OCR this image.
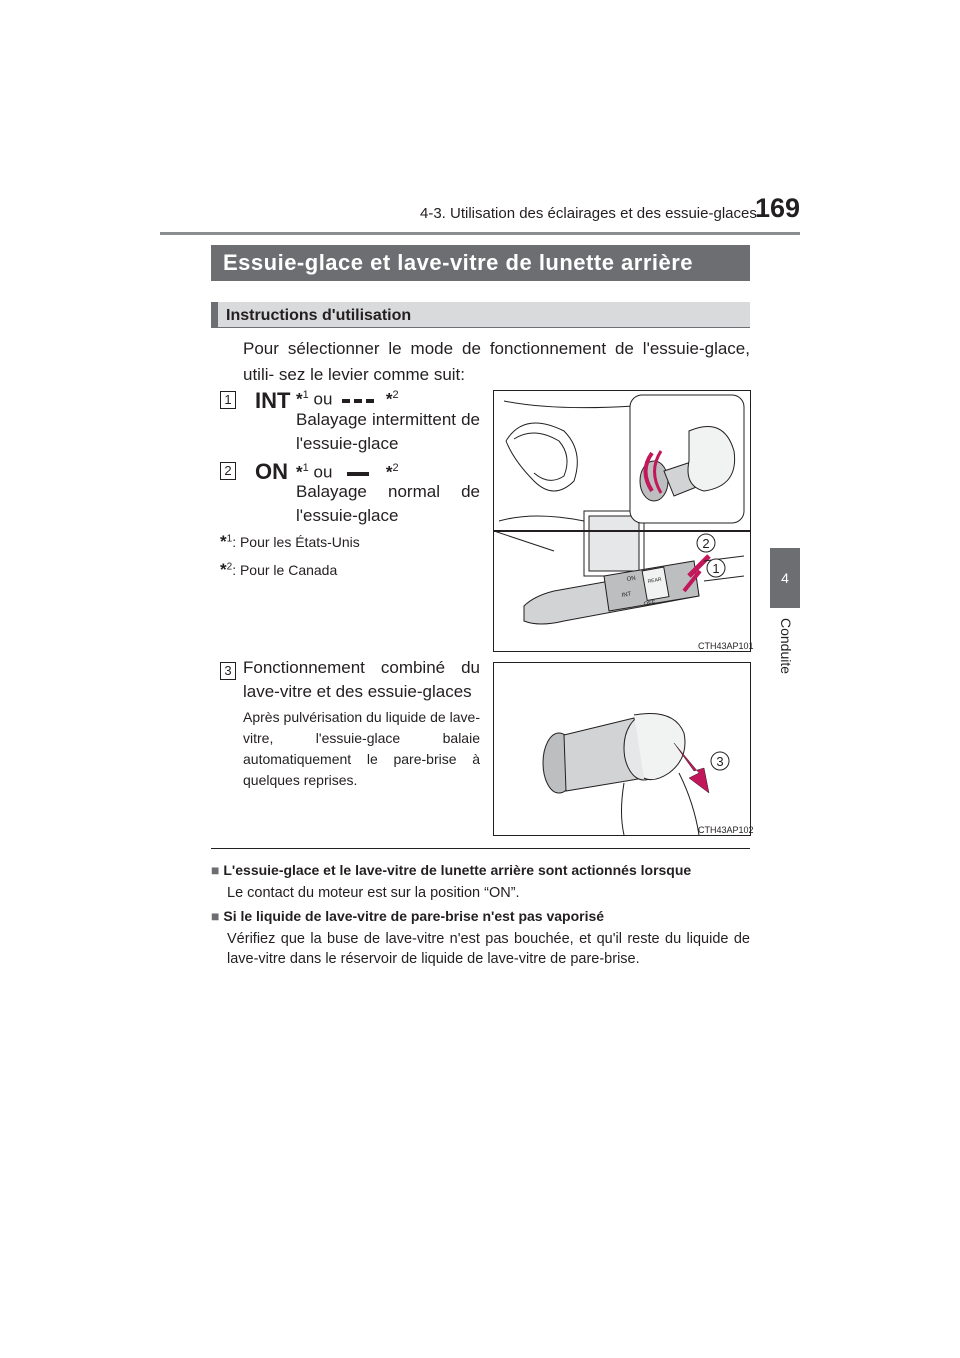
4-3. Utilisation des éclairages et des essuie-glaces
169
4
Conduite
Essuie-glace et lave-vitre de lunette arrière
Instructions d'utilisation
Pour sélectionner le mode de fonctionnement de l'essuie-glace, utili- sez le levier comme suit:
1 INT *$^1$ ou	*$^2$
Balayage intermittent de l'essuie-glace
2 ON *$^1$ ou	*$^2$
Balayage normal de l'essuie-glace
*$^1$: Pour les États-Unis
*$^2$: Pour le Canada
ON
INT
OFF
REAR
2
1
CTH43AP101
3 Fonctionnement combiné du lave-vitre et des essuie-glaces
Après pulvérisation du liquide de lave-vitre, l'essuie-glace balaie automatiquement le pare-brise à quelques reprises.
3
CTH43AP102
■ L'essuie-glace et le lave-vitre de lunette arrière sont actionnés lorsque
Le contact du moteur est sur la position “ON”.
■ Si le liquide de lave-vitre de pare-brise n'est pas vaporisé
Vérifiez que la buse de lave-vitre n'est pas bouchée, et qu'il reste du liquide de lave-vitre dans le réservoir de liquide de lave-vitre de pare-brise.
